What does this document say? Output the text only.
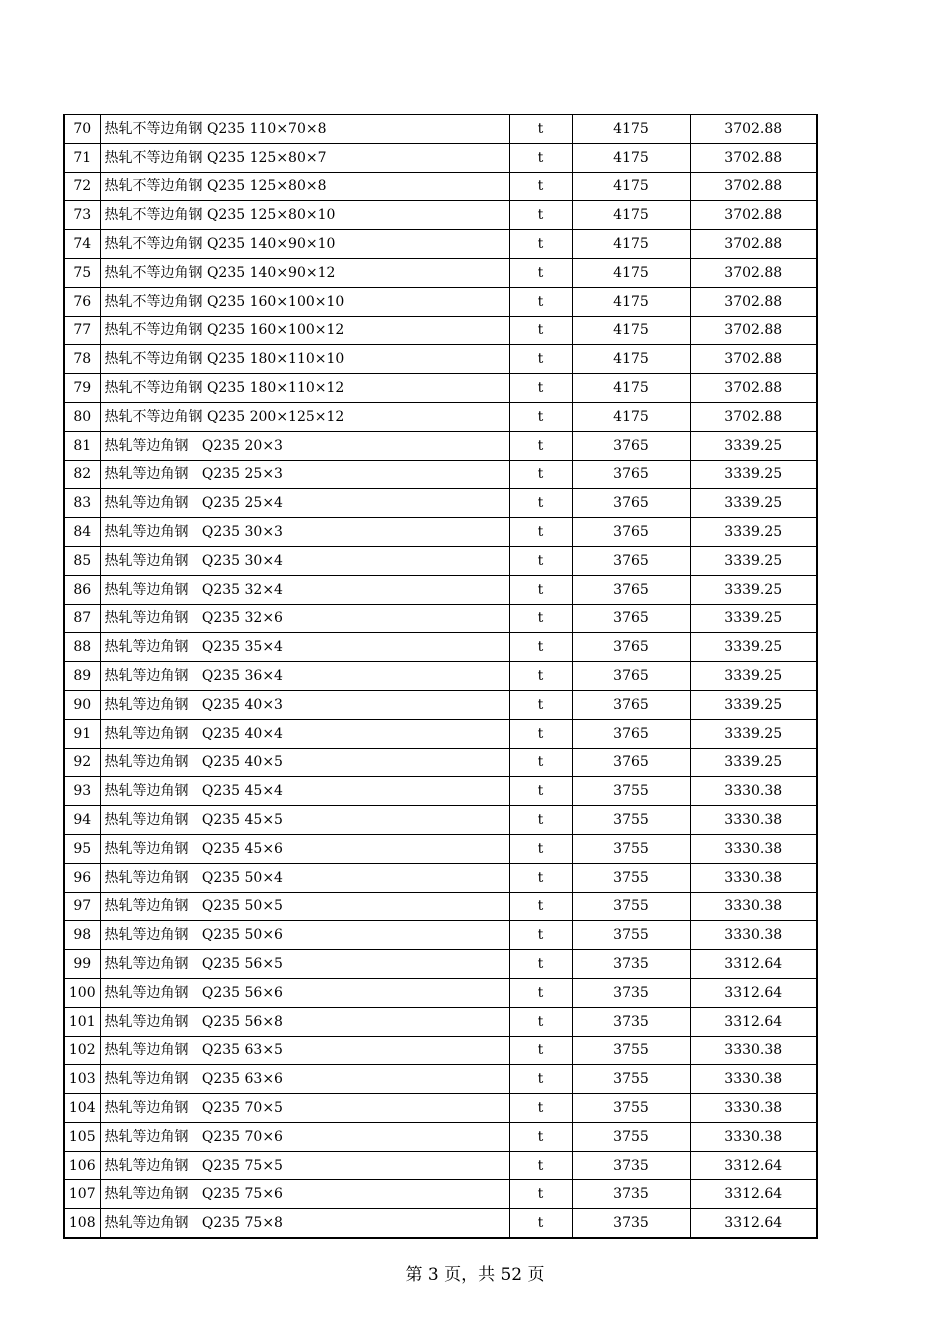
70	热轧不等边角钢 Q235 110×70×8	t	4175	3702.88
71	热轧不等边角钢 Q235 125×80×7	t	4175	3702.88
72	热轧不等边角钢 Q235 125×80×8	t	4175	3702.88
73	热轧不等边角钢 Q235 125×80×10	t	4175	3702.88
74	热轧不等边角钢 Q235 140×90×10	t	4175	3702.88
75	热轧不等边角钢 Q235 140×90×12	t	4175	3702.88
76	热轧不等边角钢 Q235 160×100×10	t	4175	3702.88
77	热轧不等边角钢 Q235 160×100×12	t	4175	3702.88
78	热轧不等边角钢 Q235 180×110×10	t	4175	3702.88
79	热轧不等边角钢 Q235 180×110×12	t	4175	3702.88
80	热轧不等边角钢 Q235 200×125×12	t	4175	3702.88
81	热轧等边角钢   Q235 20×3	t	3765	3339.25
82	热轧等边角钢   Q235 25×3	t	3765	3339.25
83	热轧等边角钢   Q235 25×4	t	3765	3339.25
84	热轧等边角钢   Q235 30×3	t	3765	3339.25
85	热轧等边角钢   Q235 30×4	t	3765	3339.25
86	热轧等边角钢   Q235 32×4	t	3765	3339.25
87	热轧等边角钢   Q235 32×6	t	3765	3339.25
88	热轧等边角钢   Q235 35×4	t	3765	3339.25
89	热轧等边角钢   Q235 36×4	t	3765	3339.25
90	热轧等边角钢   Q235 40×3	t	3765	3339.25
91	热轧等边角钢   Q235 40×4	t	3765	3339.25
92	热轧等边角钢   Q235 40×5	t	3765	3339.25
93	热轧等边角钢   Q235 45×4	t	3755	3330.38
94	热轧等边角钢   Q235 45×5	t	3755	3330.38
95	热轧等边角钢   Q235 45×6	t	3755	3330.38
96	热轧等边角钢   Q235 50×4	t	3755	3330.38
97	热轧等边角钢   Q235 50×5	t	3755	3330.38
98	热轧等边角钢   Q235 50×6	t	3755	3330.38
99	热轧等边角钢   Q235 56×5	t	3735	3312.64
100	热轧等边角钢   Q235 56×6	t	3735	3312.64
101	热轧等边角钢   Q235 56×8	t	3735	3312.64
102	热轧等边角钢   Q235 63×5	t	3755	3330.38
103	热轧等边角钢   Q235 63×6	t	3755	3330.38
104	热轧等边角钢   Q235 70×5	t	3755	3330.38
105	热轧等边角钢   Q235 70×6	t	3755	3330.38
106	热轧等边角钢   Q235 75×5	t	3735	3312.64
107	热轧等边角钢   Q235 75×6	t	3735	3312.64
108	热轧等边角钢   Q235 75×8	t	3735	3312.64
第 3 页，共 52 页
